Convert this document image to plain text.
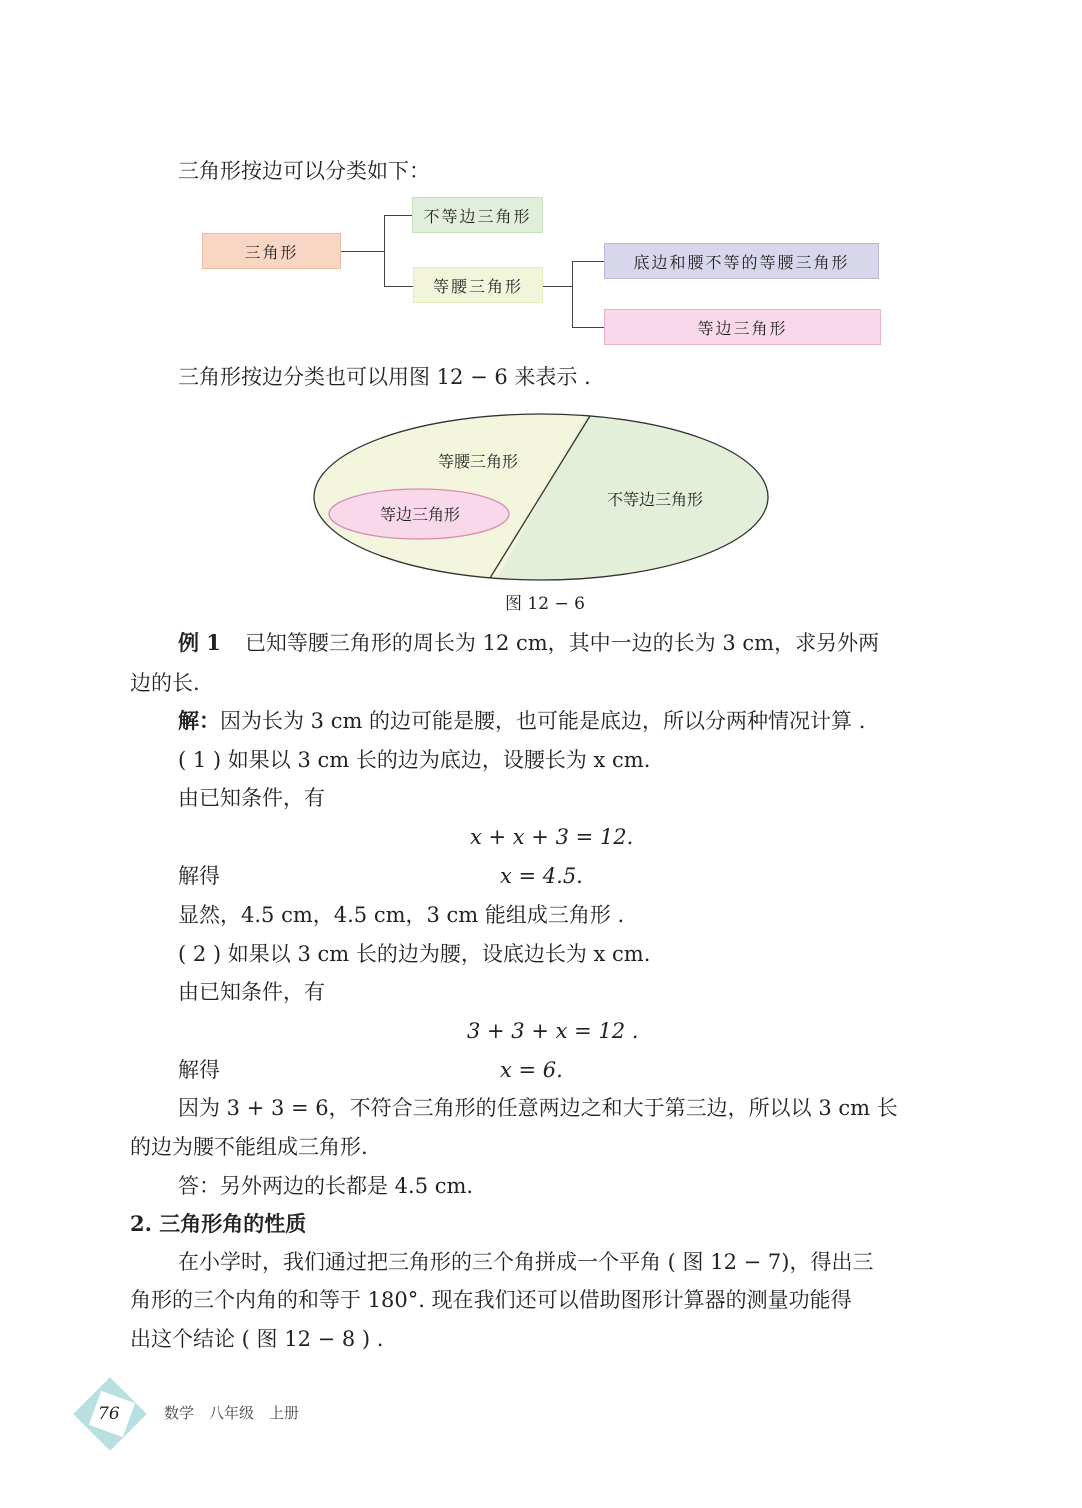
三角形按边可以分类如下：
三角形
不等边三角形
等腰三角形
底边和腰不等的等腰三角形
等边三角形
三角形按边分类也可以用图 12 − 6 来表示 .
等腰三角形
等边三角形
不等边三角形
图 12 − 6
例 1 已知等腰三角形的周长为 12 cm，其中一边的长为 3 cm，求另外两
边的长.
解：因为长为 3 cm 的边可能是腰，也可能是底边，所以分两种情况计算 .
( 1 ) 如果以 3 cm 长的边为底边，设腰长为 x cm.
由已知条件，有
x + x + 3 = 12.
解得	x = 4.5.
显然，4.5 cm，4.5 cm，3 cm 能组成三角形 .
( 2 ) 如果以 3 cm 长的边为腰，设底边长为 x cm.
由已知条件，有
3 + 3 + x = 12 .
解得	x = 6.
因为 3 + 3 = 6，不符合三角形的任意两边之和大于第三边，所以以 3 cm 长
的边为腰不能组成三角形.
答：另外两边的长都是 4.5 cm.
2. 三角形角的性质
在小学时，我们通过把三角形的三个角拼成一个平角 ( 图 12 − 7)，得出三
角形的三个内角的和等于 180°. 现在我们还可以借助图形计算器的测量功能得
出这个结论 ( 图 12 − 8 ) .
76	数学　八年级　上册
